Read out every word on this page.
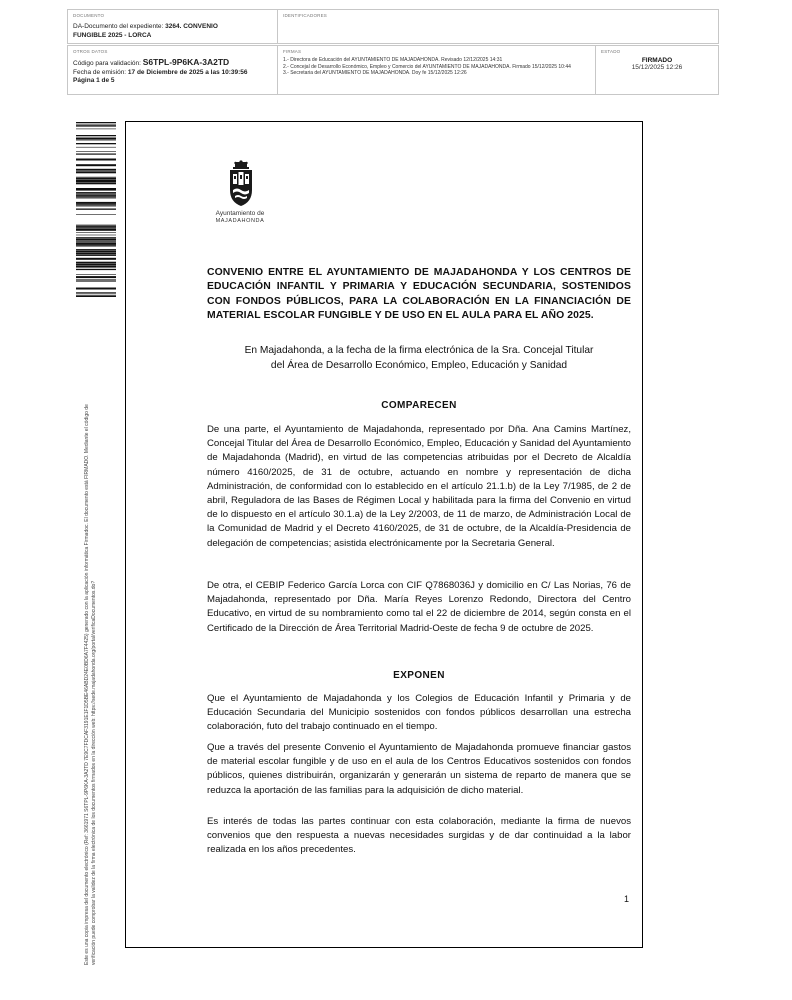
DOCUMENTO
DA-Documento del expediente: 3264. CONVENIO
FUNGIBLE 2025 - LORCA
IDENTIFICADORES
OTROS DATOS
Código para validación: S6TPL-9P6KA-3A2TD
Fecha de emisión: 17 de Diciembre de 2025 a las 10:39:56
Página 1 de 5
FIRMAS
1.- Directora de Educación del AYUNTAMIENTO DE MAJADAHONDA. Revisado 12/12/2025 14:31
2.- Concejal de Desarrollo Económico, Empleo y Comercio del AYUNTAMIENTO DE MAJADAHONDA. Firmado 15/12/2025 10:44
3.- Secretaria del AYUNTAMIENTO DE MAJADAHONDA. Doy fe 15/12/2025 12:26
ESTADO
FIRMADO
15/12/2025 12:26
Este es una copia impresa del documento electrónico (Ref: 3661971 S6TPL-9P6KA-3A2TD 7E9C7FDCAF3191E1F1D5BE46ABD24E0BD6A7F4425) generado con la aplicación informática Firmadoc. El documento está FIRMADO. Mediante el código de verificación puede comprobar la validez de la firma electrónica de los documentos firmados en la dirección web: https://sede.majadahonda.org/portal/verificaDocumentos.do?
Ayuntamiento de
MAJADAHONDA
CONVENIO ENTRE EL AYUNTAMIENTO DE MAJADAHONDA Y LOS CENTROS DE EDUCACIÓN INFANTIL Y PRIMARIA Y EDUCACIÓN SECUNDARIA, SOSTENIDOS CON FONDOS PÚBLICOS, PARA LA COLABORACIÓN EN LA FINANCIACIÓN DE MATERIAL ESCOLAR FUNGIBLE Y DE USO EN EL AULA PARA EL AÑO 2025.
En Majadahonda, a la fecha de la firma electrónica de la Sra. Concejal Titular
del Área de Desarrollo Económico, Empleo, Educación y Sanidad
COMPARECEN

De una parte, el Ayuntamiento de Majadahonda, representado por Dña. Ana Camins Martínez, Concejal Titular del Área de Desarrollo Económico, Empleo, Educación y Sanidad del Ayuntamiento de Majadahonda (Madrid), en virtud de las competencias atribuidas por el Decreto de Alcaldía número 4160/2025, de 31 de octubre, actuando en nombre y representación de dicha Administración, de conformidad con lo establecido en el artículo 21.1.b) de la Ley 7/1985, de 2 de abril, Reguladora de las Bases de Régimen Local y habilitada para la firma del Convenio en virtud de lo dispuesto en el artículo 30.1.a) de la Ley 2/2003, de 11 de marzo, de Administración Local de la Comunidad de Madrid y el Decreto 4160/2025, de 31 de octubre, de la Alcaldía-Presidencia de delegación de competencias; asistida electrónicamente por la Secretaria General.

De otra, el CEBIP Federico García Lorca con CIF Q7868036J y domicilio en C/ Las Norias, 76 de Majadahonda, representado por Dña. María Reyes Lorenzo Redondo, Directora del Centro Educativo, en virtud de su nombramiento como tal el 22 de diciembre de 2014, según consta en el Certificado de la Dirección de Área Territorial Madrid-Oeste de fecha 9 de octubre de 2025.

EXPONEN

Que el Ayuntamiento de Majadahonda y los Colegios de Educación Infantil y Primaria y de Educación Secundaria del Municipio sostenidos con fondos públicos desarrollan una estrecha colaboración, futo del trabajo continuado en el tiempo.

Que a través del presente Convenio el Ayuntamiento de Majadahonda promueve financiar gastos de material escolar fungible y de uso en el aula de los Centros Educativos sostenidos con fondos públicos, quienes distribuirán, organizarán y generarán un sistema de reparto de manera que se reduzca la aportación de las familias para la adquisición de dicho material.

Es interés de todas las partes continuar con esta colaboración, mediante la firma de nuevos convenios que den respuesta a nuevas necesidades surgidas y de dar continuidad a la labor realizada en los años precedentes.

1
